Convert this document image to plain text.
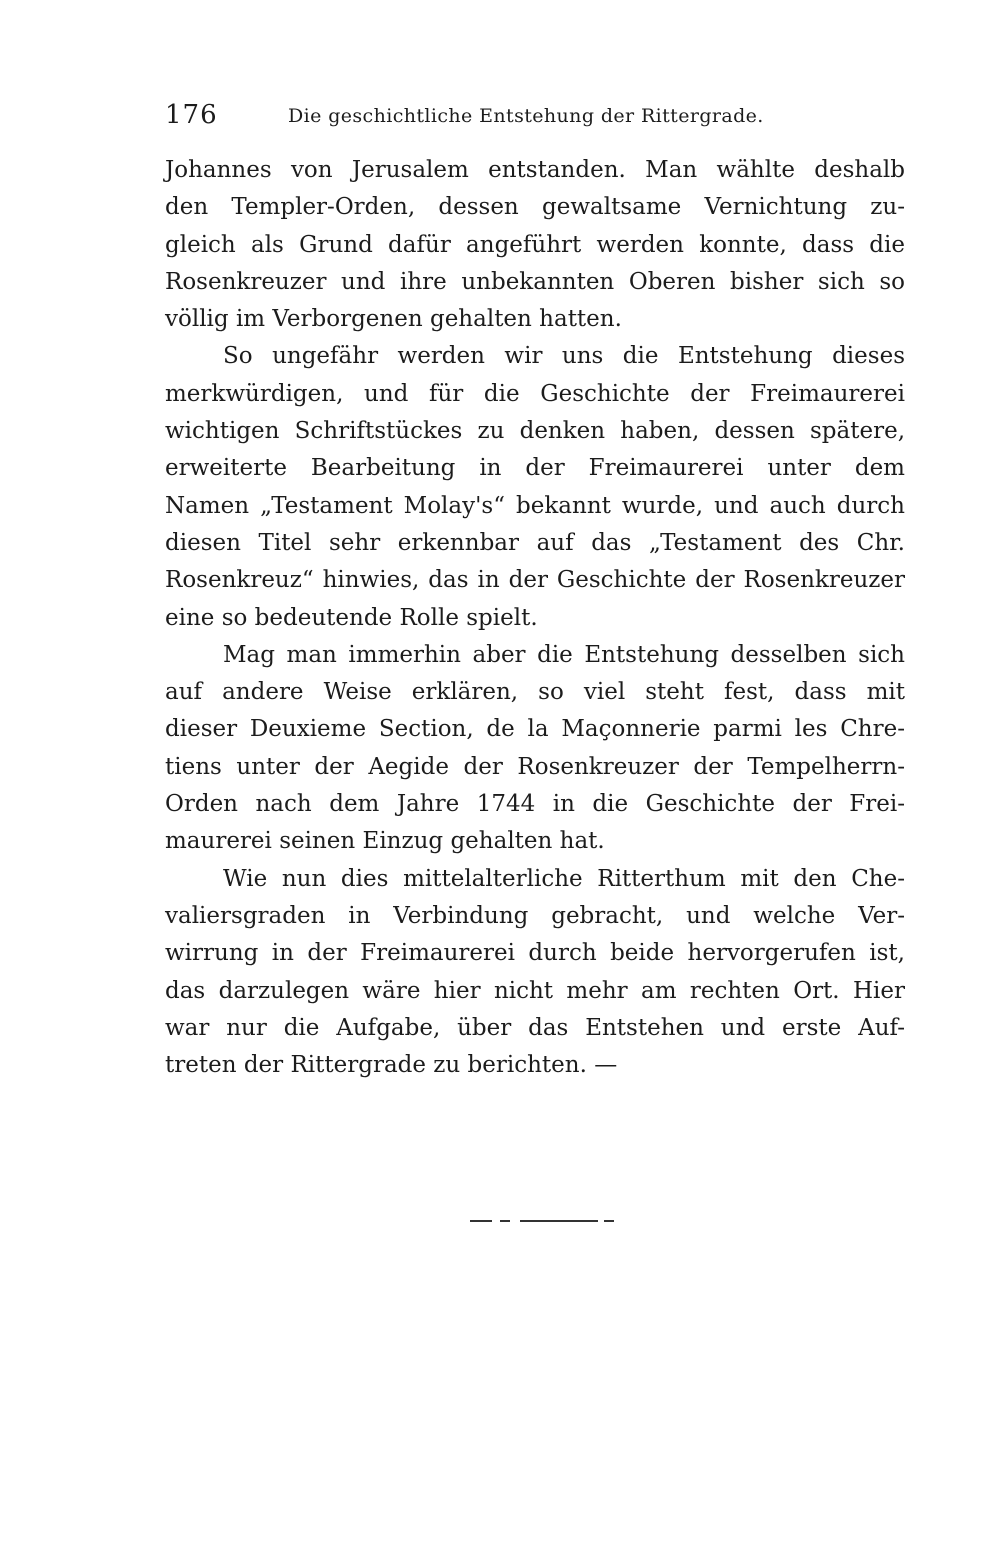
176	Die geschichtliche Entstehung der Rittergrade.
Johannes von Jerusalem entstanden. Man wählte deshalb
den Templer-Orden, dessen gewaltsame Vernichtung zu-
gleich als Grund dafür angeführt werden konnte, dass die
Rosenkreuzer und ihre unbekannten Oberen bisher sich so
völlig im Verborgenen gehalten hatten.
So ungefähr werden wir uns die Entstehung dieses
merkwürdigen, und für die Geschichte der Freimaurerei
wichtigen Schriftstückes zu denken haben, dessen spätere,
erweiterte Bearbeitung in der Freimaurerei unter dem
Namen „Testament Molay's“ bekannt wurde, und auch durch
diesen Titel sehr erkennbar auf das „Testament des Chr.
Rosenkreuz“ hinwies, das in der Geschichte der Rosenkreuzer
eine so bedeutende Rolle spielt.
Mag man immerhin aber die Entstehung desselben sich
auf andere Weise erklären, so viel steht fest, dass mit
dieser Deuxieme Section, de la Maçonnerie parmi les Chre-
tiens unter der Aegide der Rosenkreuzer der Tempelherrn-
Orden nach dem Jahre 1744 in die Geschichte der Frei-
maurerei seinen Einzug gehalten hat.
Wie nun dies mittelalterliche Ritterthum mit den Che-
valiersgraden in Verbindung gebracht, und welche Ver-
wirrung in der Freimaurerei durch beide hervorgerufen ist,
das darzulegen wäre hier nicht mehr am rechten Ort. Hier
war nur die Aufgabe, über das Entstehen und erste Auf-
treten der Rittergrade zu berichten. —
